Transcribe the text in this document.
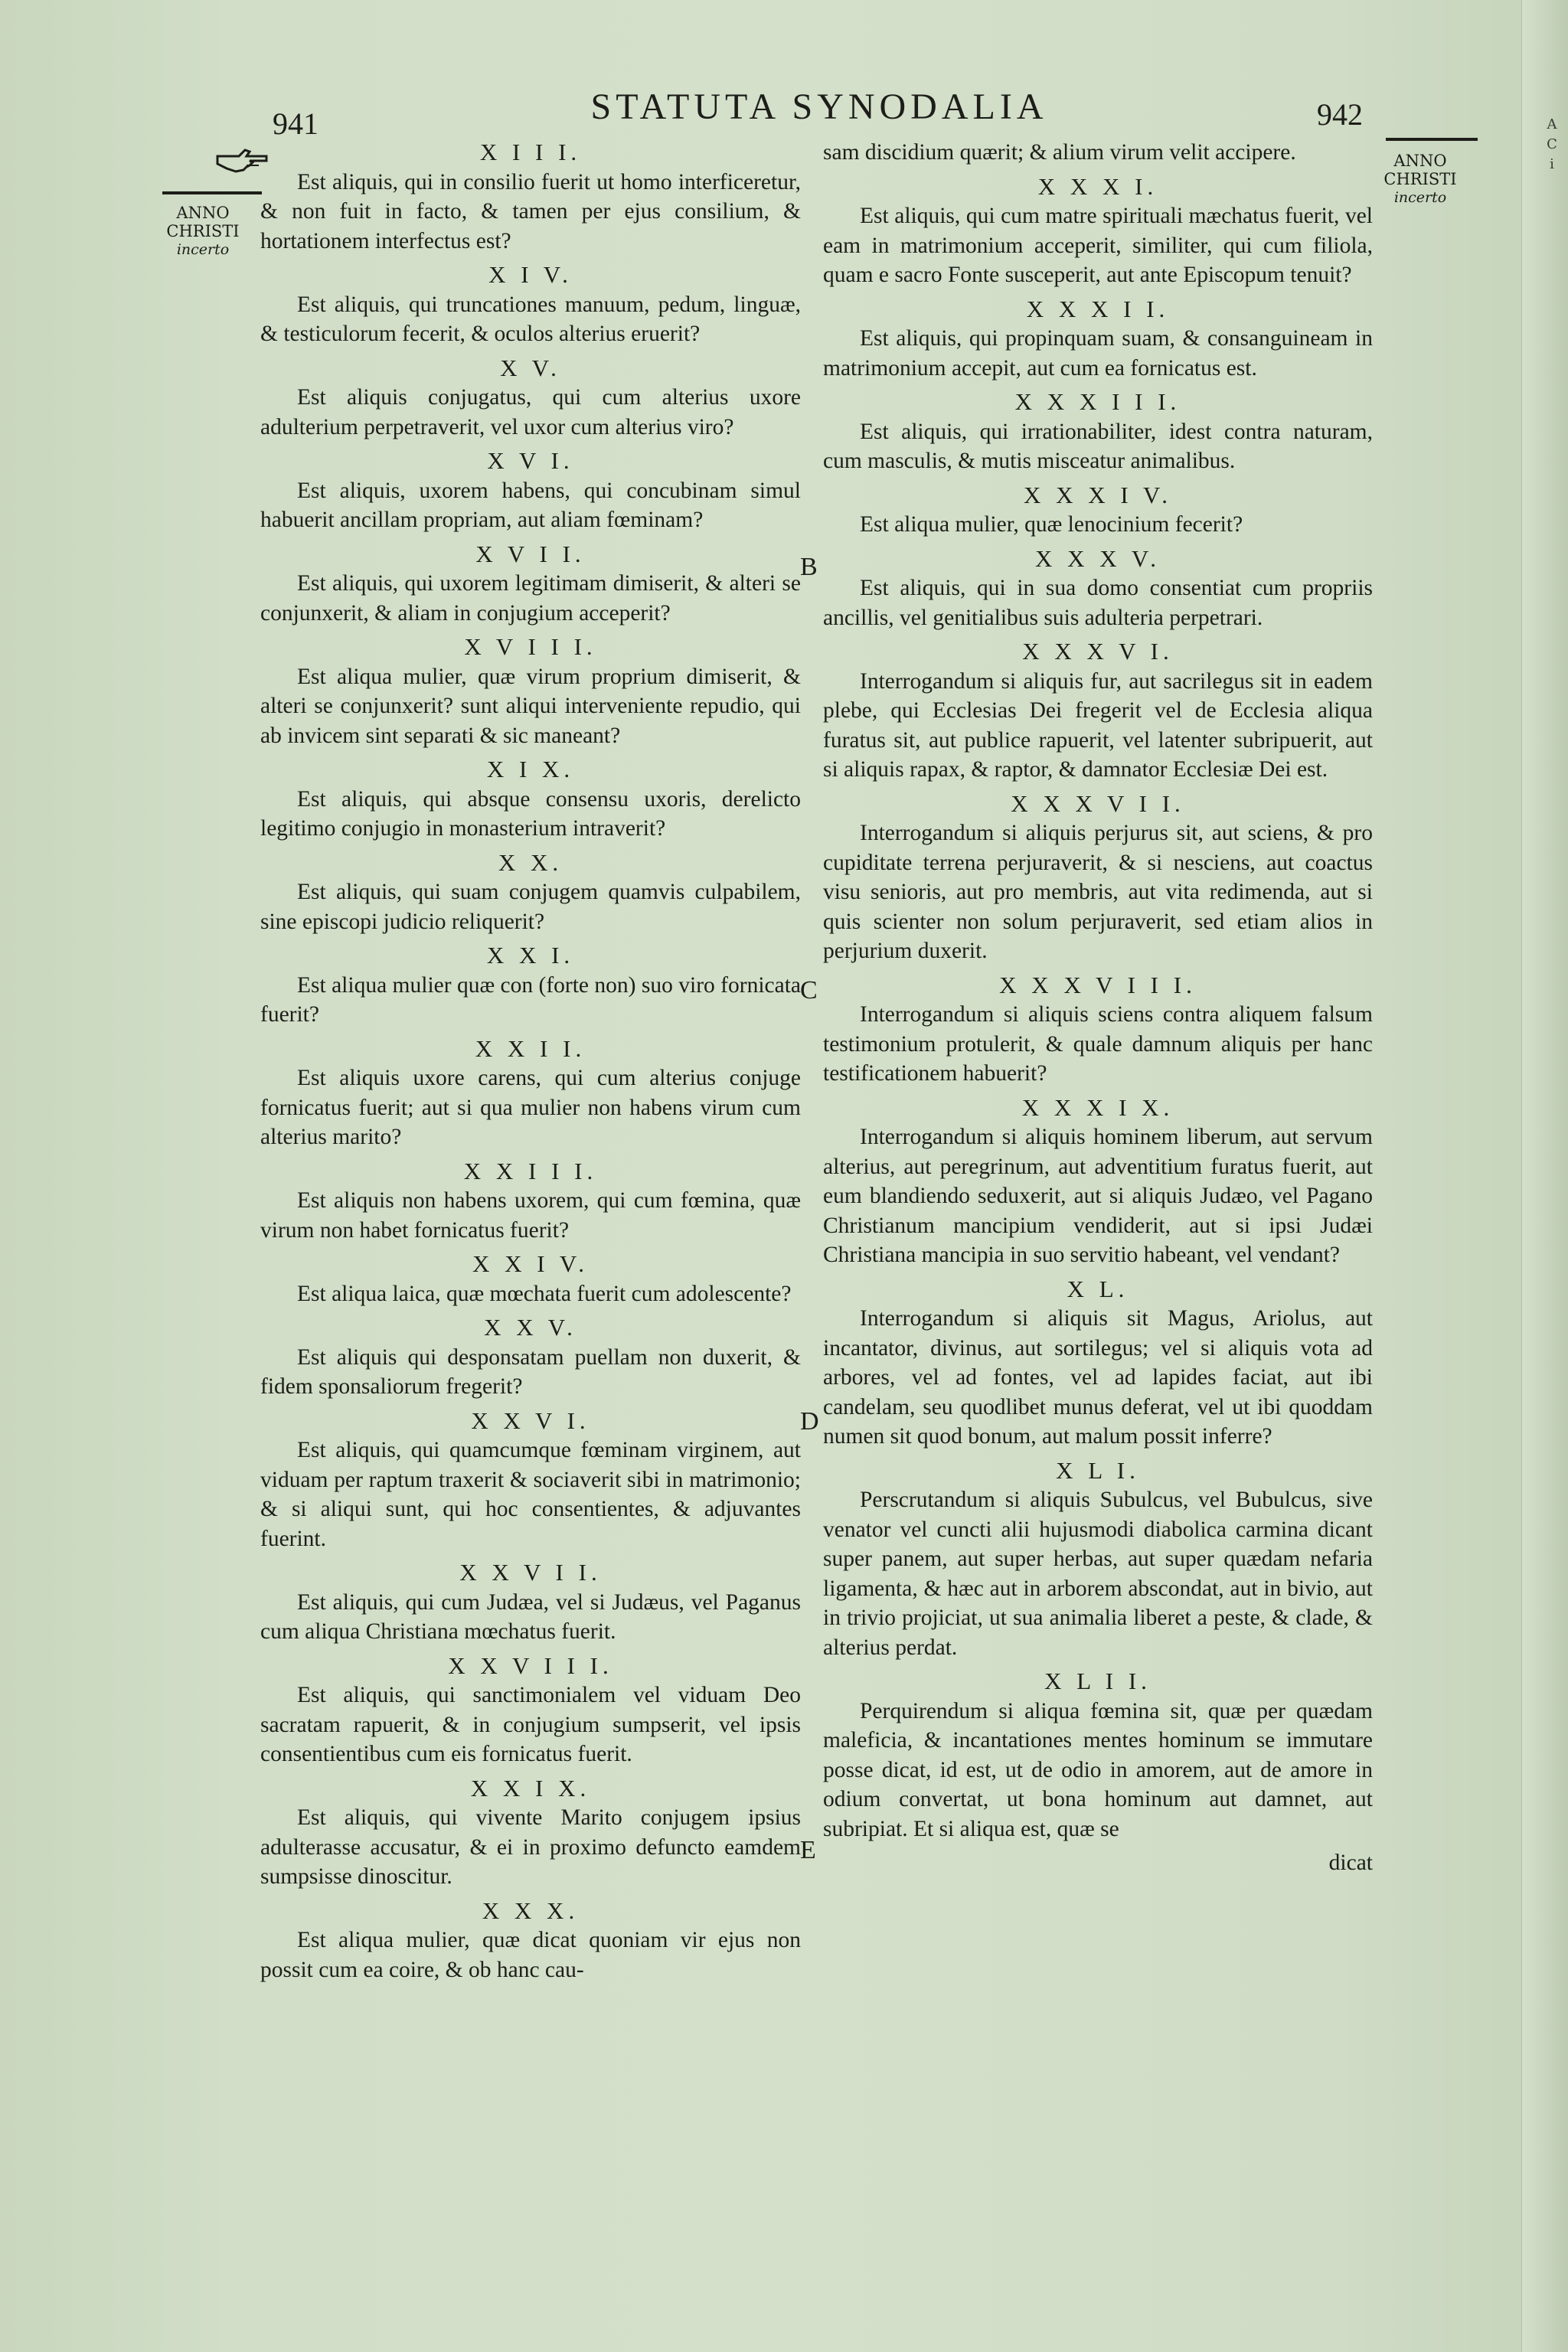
A
C
i
941	STATUTA SYNODALIA	942
ANNO
CHRISTI
incerto
ANNO
CHRISTI
incerto
B
C
D
E

X I I I.

Est aliquis, qui in consilio fuerit ut homo interficeretur, & non fuit in facto, & tamen per ejus consilium, & hortationem interfectus est?

X I V.

Est aliquis, qui truncationes manuum, pedum, linguæ, & testiculorum fecerit, & oculos alterius eruerit?

X V.

Est aliquis conjugatus, qui cum alterius uxore adulterium perpetraverit, vel uxor cum alterius viro?

X V I.

Est aliquis, uxorem habens, qui concubinam simul habuerit ancillam propriam, aut aliam fœminam?

X V I I.

Est aliquis, qui uxorem legitimam dimiserit, & alteri se conjunxerit, & aliam in conjugium acceperit?

X V I I I.

Est aliqua mulier, quæ virum proprium dimiserit, & alteri se conjunxerit? sunt aliqui interveniente repudio, qui ab invicem sint separati & sic maneant?

X I X.

Est aliquis, qui absque consensu uxoris, derelicto legitimo conjugio in monasterium intraverit?

X X.

Est aliquis, qui suam conjugem quamvis culpabilem, sine episcopi judicio reliquerit?

X X I.

Est aliqua mulier quæ con (forte non) suo viro fornicata fuerit?

X X I I.

Est aliquis uxore carens, qui cum alterius conjuge fornicatus fuerit; aut si qua mulier non habens virum cum alterius marito?

X X I I I.

Est aliquis non habens uxorem, qui cum fœmina, quæ virum non habet fornicatus fuerit?

X X I V.

Est aliqua laica, quæ mœchata fuerit cum adolescente?

X X V.

Est aliquis qui desponsatam puellam non duxerit, & fidem sponsaliorum fregerit?

X X V I.

Est aliquis, qui quamcumque fœminam virginem, aut viduam per raptum traxerit & sociaverit sibi in matrimonio; & si aliqui sunt, qui hoc consentientes, & adjuvantes fuerint.

X X V I I.

Est aliquis, qui cum Judæa, vel si Judæus, vel Paganus cum aliqua Christiana mœchatus fuerit.

X X V I I I.

Est aliquis, qui sanctimonialem vel viduam Deo sacratam rapuerit, & in conjugium sumpserit, vel ipsis consentientibus cum eis fornicatus fuerit.

X X I X.

Est aliquis, qui vivente Marito conjugem ipsius adulterasse accusatur, & ei in proximo defuncto eamdem sumpsisse dinoscitur.

X X X.

Est aliqua mulier, quæ dicat quoniam vir ejus non possit cum ea coire, & ob hanc cau-

sam discidium quærit; & alium virum velit accipere.

X X X I.

Est aliquis, qui cum matre spirituali mæchatus fuerit, vel eam in matrimonium acceperit, similiter, qui cum filiola, quam e sacro Fonte susceperit, aut ante Episcopum tenuit?

X X X I I.

Est aliquis, qui propinquam suam, & consanguineam in matrimonium accepit, aut cum ea fornicatus est.

X X X I I I.

Est aliquis, qui irrationabiliter, idest contra naturam, cum masculis, & mutis misceatur animalibus.

X X X I V.

Est aliqua mulier, quæ lenocinium fecerit?

X X X V.

Est aliquis, qui in sua domo consentiat cum propriis ancillis, vel genitialibus suis adulteria perpetrari.

X X X V I.

Interrogandum si aliquis fur, aut sacrilegus sit in eadem plebe, qui Ecclesias Dei fregerit vel de Ecclesia aliqua furatus sit, aut publice rapuerit, vel latenter subripuerit, aut si aliquis rapax, & raptor, & damnator Ecclesiæ Dei est.

X X X V I I.

Interrogandum si aliquis perjurus sit, aut sciens, & pro cupiditate terrena perjuraverit, & si nesciens, aut coactus visu senioris, aut pro membris, aut vita redimenda, aut si quis scienter non solum perjuraverit, sed etiam alios in perjurium duxerit.

X X X V I I I.

Interrogandum si aliquis sciens contra aliquem falsum testimonium protulerit, & quale damnum aliquis per hanc testificationem habuerit?

X X X I X.

Interrogandum si aliquis hominem liberum, aut servum alterius, aut peregrinum, aut adventitium furatus fuerit, aut eum blandiendo seduxerit, aut si aliquis Judæo, vel Pagano Christianum mancipium vendiderit, aut si ipsi Judæi Christiana mancipia in suo servitio habeant, vel vendant?

X L.

Interrogandum si aliquis sit Magus, Ariolus, aut incantator, divinus, aut sortilegus; vel si aliquis vota ad arbores, vel ad fontes, vel ad lapides faciat, aut ibi candelam, seu quodlibet munus deferat, vel ut ibi quoddam numen sit quod bonum, aut malum possit inferre?

X L I.

Perscrutandum si aliquis Subulcus, vel Bubulcus, sive venator vel cuncti alii hujusmodi diabolica carmina dicant super panem, aut super herbas, aut super quædam nefaria ligamenta, & hæc aut in arborem abscondat, aut in bivio, aut in trivio projiciat, ut sua animalia liberet a peste, & clade, & alterius perdat.

X L I I.

Perquirendum si aliqua fœmina sit, quæ per quædam maleficia, & incantationes mentes hominum se immutare posse dicat, id est, ut de odio in amorem, aut de amore in odium convertat, ut bona hominum aut damnet, aut subripiat. Et si aliqua est, quæ se

dicat
